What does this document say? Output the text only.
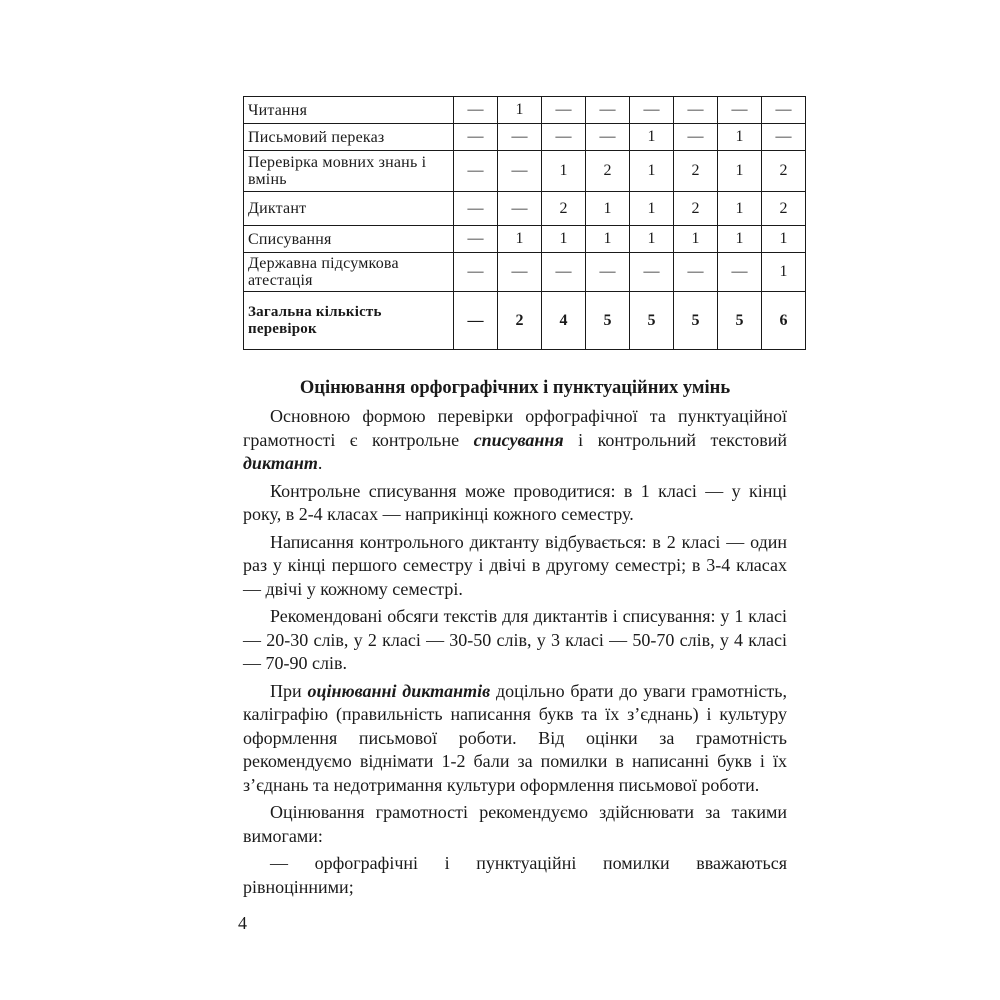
Читання	—	1	—	—	—	—	—	—
Письмовий переказ	—	—	—	—	1	—	1	—
Перевірка мовних знань і вмінь	—	—	1	2	1	2	1	2
Диктант	—	—	2	1	1	2	1	2
Списування	—	1	1	1	1	1	1	1
Державна підсумкова атестація	—	—	—	—	—	—	—	1
Загальна кількість перевірок	—	2	4	5	5	5	5	6
Оцінювання орфографічних і пунктуаційних умінь

Основною формою перевірки орфографічної та пунктуаційної грамотності є контрольне списування і контрольний текстовий диктант.

Контрольне списування може проводитися: в 1 класі — у кінці року, в 2-4 класах — наприкінці кожного семестру.

Написання контрольного диктанту відбувається: в 2 класі — один раз у кінці першого семестру і двічі в другому семестрі; в 3-4 класах — двічі у кожному семестрі.

Рекомендовані обсяги текстів для диктантів і списування: у 1 класі — 20-30 слів, у 2 класі — 30-50 слів, у 3 класі — 50-70 слів, у 4 класі — 70-90 слів.

При оцінюванні диктантів доцільно брати до уваги грамотність, каліграфію (правильність написання букв та їх з’єднань) і культуру оформлення письмової роботи. Від оцінки за грамотність рекомендуємо віднімати 1-2 бали за помилки в написанні букв і їх з’єднань та недотримання культури оформлення письмової роботи.

Оцінювання грамотності рекомендуємо здійснювати за такими вимогами:

— орфографічні і пунктуаційні помилки вважаються рівноцінними;

4
